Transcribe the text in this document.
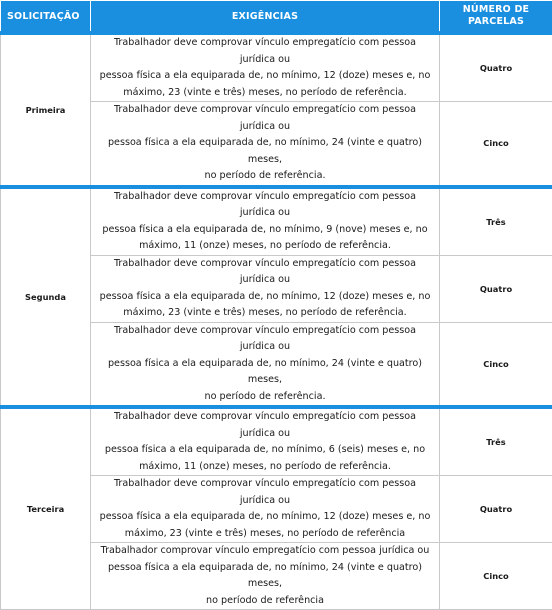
SOLICITAÇÃO	EXIGÊNCIAS	NÚMERO DE
PARCELAS
Primeira	Trabalhador deve comprovar vínculo empregatício com pessoa jurídica ou
pessoa física a ela equiparada de, no mínimo, 12 (doze) meses e, no
máximo, 23 (vinte e três) meses, no período de referência.	Quatro
	Trabalhador deve comprovar vínculo empregatício com pessoa jurídica ou
pessoa física a ela equiparada de, no mínimo, 24 (vinte e quatro) meses,
no período de referência.	Cinco
Segunda	Trabalhador deve comprovar vínculo empregatício com pessoa jurídica ou
pessoa física a ela equiparada de, no mínimo, 9 (nove) meses e, no
máximo, 11 (onze) meses, no período de referência.	Três
	Trabalhador deve comprovar vínculo empregatício com pessoa jurídica ou
pessoa física a ela equiparada de, no mínimo, 12 (doze) meses e, no
máximo, 23 (vinte e três) meses, no período de referência.	Quatro
	Trabalhador deve comprovar vínculo empregatício com pessoa jurídica ou
pessoa física a ela equiparada de, no mínimo, 24 (vinte e quatro) meses,
no período de referência.	Cinco
Terceira	Trabalhador deve comprovar vínculo empregatício com pessoa jurídica ou
pessoa física a ela equiparada de, no mínimo, 6 (seis) meses e, no
máximo, 11 (onze) meses, no período de referência.	Três
	Trabalhador deve comprovar vínculo empregatício com pessoa jurídica ou
pessoa física a ela equiparada de, no mínimo, 12 (doze) meses e, no
máximo, 23 (vinte e três) meses, no período de referência	Quatro
	Trabalhador comprovar vínculo empregatício com pessoa jurídica ou
pessoa física a ela equiparada de, no mínimo, 24 (vinte e quatro) meses,
no período de referência	Cinco
